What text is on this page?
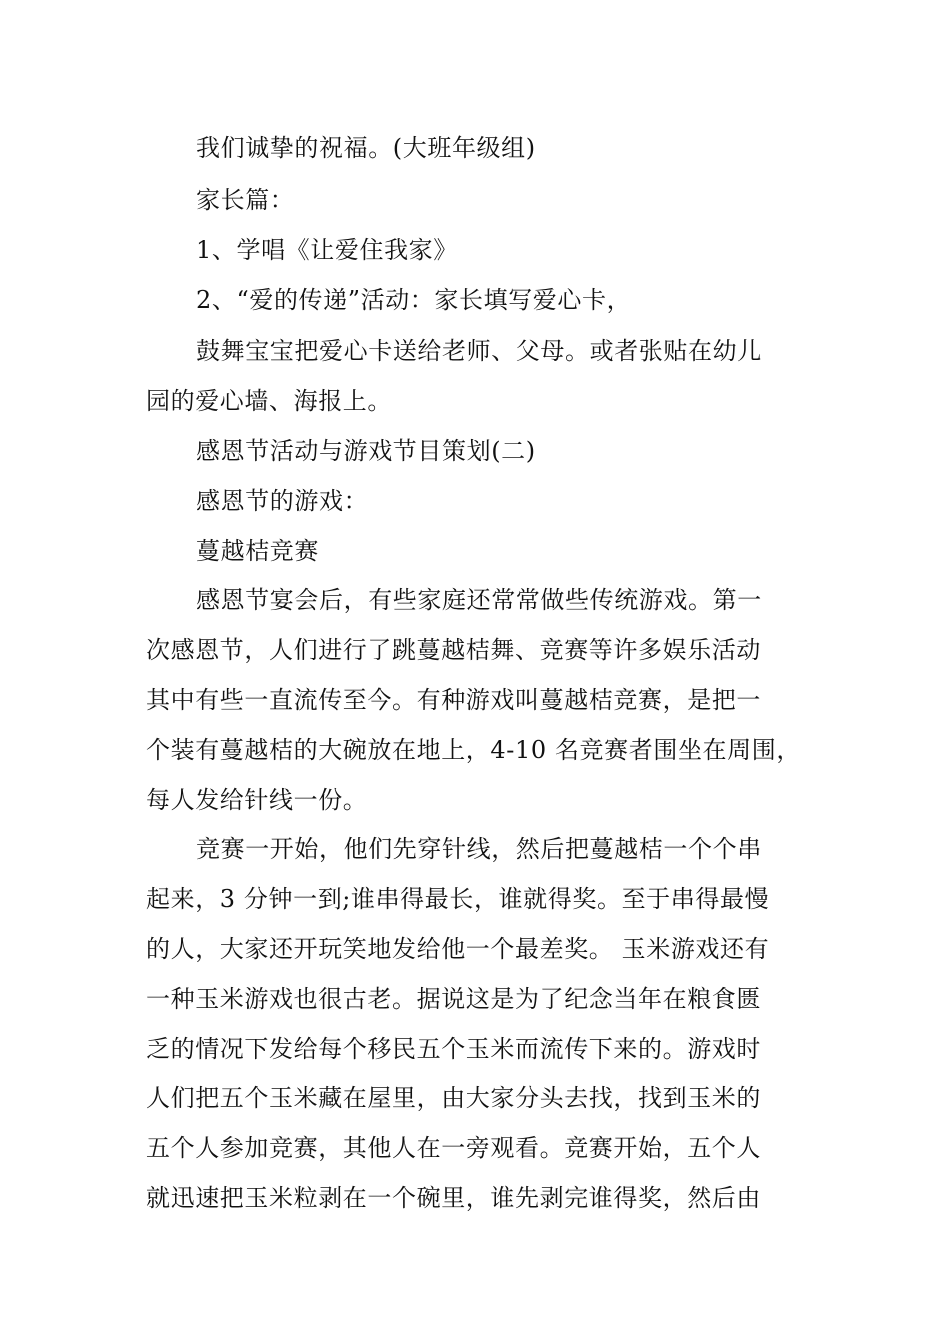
我们诚挚的祝福。(大班年级组)
家长篇：
1、学唱《让爱住我家》
2、“爱的传递”活动：家长填写爱心卡，
鼓舞宝宝把爱心卡送给老师、父母。或者张贴在幼儿
园的爱心墙、海报上。
感恩节活动与游戏节目策划(二)
感恩节的游戏：
蔓越桔竞赛
感恩节宴会后，有些家庭还常常做些传统游戏。第一
次感恩节，人们进行了跳蔓越桔舞、竞赛等许多娱乐活动
其中有些一直流传至今。有种游戏叫蔓越桔竞赛，是把一
个装有蔓越桔的大碗放在地上，4-10 名竞赛者围坐在周围，
每人发给针线一份。
竞赛一开始，他们先穿针线，然后把蔓越桔一个个串
起来，3 分钟一到;谁串得最长，谁就得奖。至于串得最慢
的人，大家还开玩笑地发给他一个最差奖。 玉米游戏还有
一种玉米游戏也很古老。据说这是为了纪念当年在粮食匮
乏的情况下发给每个移民五个玉米而流传下来的。游戏时
人们把五个玉米藏在屋里，由大家分头去找，找到玉米的
五个人参加竞赛，其他人在一旁观看。竞赛开始，五个人
就迅速把玉米粒剥在一个碗里，谁先剥完谁得奖，然后由
